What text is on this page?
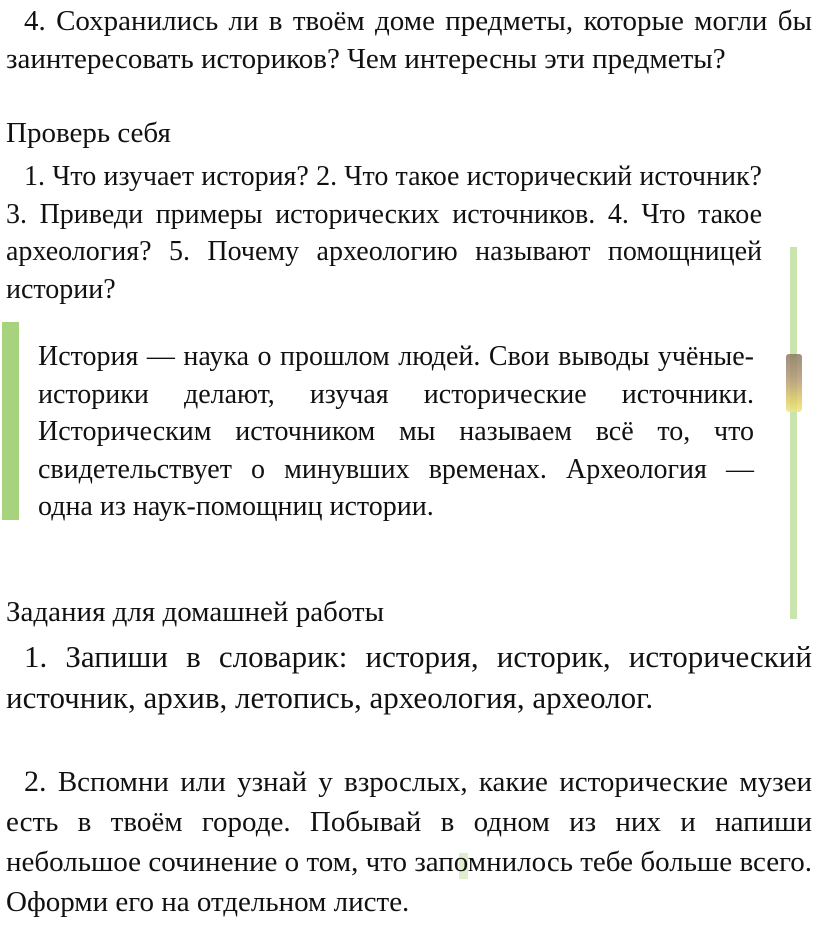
4. Сохранились ли в твоём доме предметы, которые могли бы заинтересовать историков? Чем интересны эти предметы?
Проверь себя
1. Что изучает история? 2. Что такое исторический источник? 3. Приведи примеры исторических источников. 4. Что такое археология? 5. Почему археологию называют помощницей истории?
История — наука о прошлом людей. Свои выводы учёные-историки делают, изучая исторические источники. Историческим источником мы называем всё то, что свидетельствует о минувших временах. Археология — одна из наук-помощниц истории.
Задания для домашней работы
1. Запиши в словарик: история, историк, исторический источник, архив, летопись, археология, археолог.
2. Вспомни или узнай у взрослых, какие исторические музеи есть в твоём городе. Побывай в одном из них и напиши небольшое сочинение о том, что запомнилось тебе больше всего. Оформи его на отдельном листе.
